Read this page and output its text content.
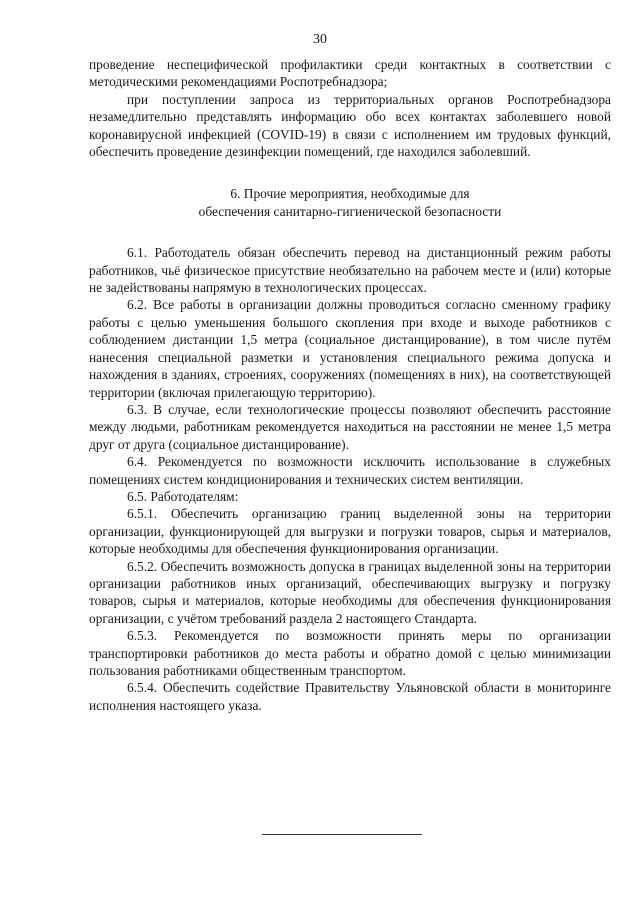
30

проведение неспецифической профилактики среди контактных в соответствии с методическими рекомендациями Роспотребнадзора;

при поступлении запроса из территориальных органов Роспотребнадзора незамедлительно представлять информацию обо всех контактах заболевшего новой коронавирусной инфекцией (COVID-19) в связи с исполнением им трудовых функций, обеспечить проведение дезинфекции помещений, где находился заболевший.

6. Прочие мероприятия, необходимые для

обеспечения санитарно-гигиенической безопасности

6.1. Работодатель обязан обеспечить перевод на дистанционный режим работы работников, чьё физическое присутствие необязательно на рабочем месте и (или) которые не задействованы напрямую в технологических процессах.

6.2. Все работы в организации должны проводиться согласно сменному графику работы с целью уменьшения большого скопления при входе и выходе работников с соблюдением дистанции 1,5 метра (социальное дистанцирование), в том числе путём нанесения специальной разметки и установления специального режима допуска и нахождения в зданиях, строениях, сооружениях (помещениях в них), на соответствующей территории (включая прилегающую территорию).

6.3. В случае, если технологические процессы позволяют обеспечить расстояние между людьми, работникам рекомендуется находиться на расстоянии не менее 1,5 метра друг от друга (социальное дистанцирование).

6.4. Рекомендуется по возможности исключить использование в служебных помещениях систем кондиционирования и технических систем вентиляции.

6.5. Работодателям:

6.5.1. Обеспечить организацию границ выделенной зоны на территории организации, функционирующей для выгрузки и погрузки товаров, сырья и материалов, которые необходимы для обеспечения функционирования организации.

6.5.2. Обеспечить возможность допуска в границах выделенной зоны на территории организации работников иных организаций, обеспечивающих выгрузку и погрузку товаров, сырья и материалов, которые необходимы для обеспечения функционирования организации, с учётом требований раздела 2 настоящего Стандарта.

6.5.3. Рекомендуется по возможности принять меры по организации транспортировки работников до места работы и обратно домой с целью минимизации пользования работниками общественным транспортом.

6.5.4. Обеспечить содействие Правительству Ульяновской области в мониторинге исполнения настоящего указа.
